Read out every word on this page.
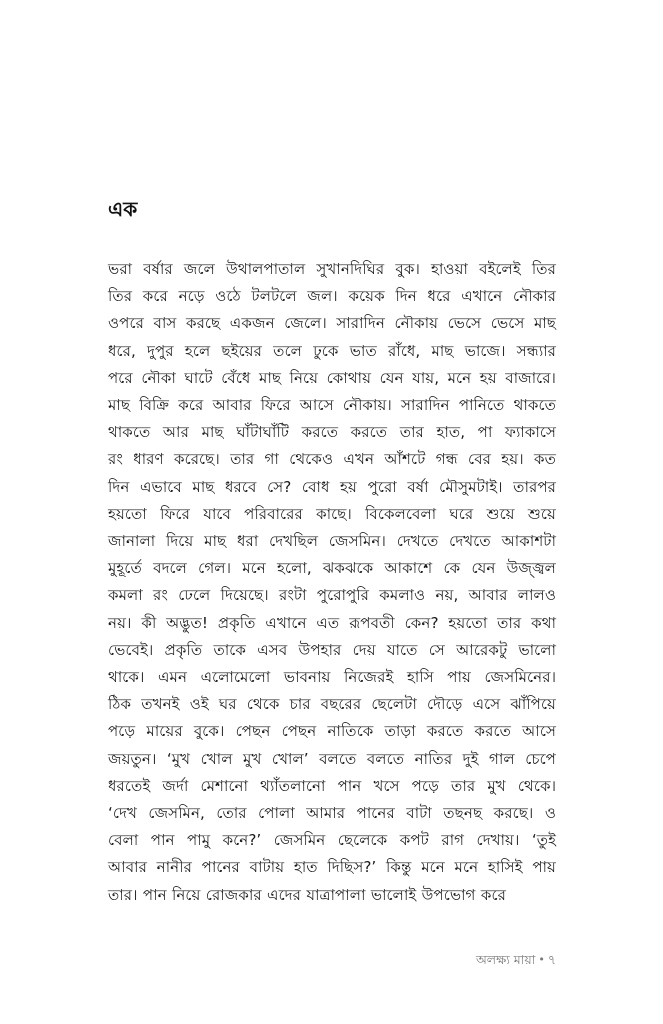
এক
ভরা বর্ষার জলে উথালপাতাল সুখানদিঘির বুক। হাওয়া বইলেই তির
তির করে নড়ে ওঠে টলটলে জল। কয়েক দিন ধরে এখানে নৌকার
ওপরে বাস করছে একজন জেলে। সারাদিন নৌকায় ভেসে ভেসে মাছ
ধরে, দুপুর হলে ছইয়ের তলে ঢুকে ভাত রাঁধে, মাছ ভাজে। সন্ধ্যার
পরে নৌকা ঘাটে বেঁধে মাছ নিয়ে কোথায় যেন যায়, মনে হয় বাজারে।
মাছ বিক্রি করে আবার ফিরে আসে নৌকায়। সারাদিন পানিতে থাকতে
থাকতে আর মাছ ঘাঁটাঘাঁটি করতে করতে তার হাত, পা ফ্যাকাসে
রং ধারণ করেছে। তার গা থেকেও এখন আঁশটে গন্ধ বের হয়। কত
দিন এভাবে মাছ ধরবে সে? বোধ হয় পুরো বর্ষা মৌসুমটাই। তারপর
হয়তো ফিরে যাবে পরিবারের কাছে। বিকেলবেলা ঘরে শুয়ে শুয়ে
জানালা দিয়ে মাছ ধরা দেখছিল জেসমিন। দেখতে দেখতে আকাশটা
মুহূর্তে বদলে গেল। মনে হলো, ঝকঝকে আকাশে কে যেন উজ্জ্বল
কমলা রং ঢেলে দিয়েছে। রংটা পুরোপুরি কমলাও নয়, আবার লালও
নয়। কী অদ্ভুত! প্রকৃতি এখানে এত রূপবতী কেন? হয়তো তার কথা
ভেবেই। প্রকৃতি তাকে এসব উপহার দেয় যাতে সে আরেকটু ভালো
থাকে। এমন এলোমেলো ভাবনায় নিজেরই হাসি পায় জেসমিনের।
ঠিক তখনই ওই ঘর থেকে চার বছরের ছেলেটা দৌড়ে এসে ঝাঁপিয়ে
পড়ে মায়ের বুকে। পেছন পেছন নাতিকে তাড়া করতে করতে আসে
জয়তুন। ‘মুখ খোল মুখ খোল’ বলতে বলতে নাতির দুই গাল চেপে
ধরতেই জর্দা মেশানো থ্যাঁতলানো পান খসে পড়ে তার মুখ থেকে।
‘দেখ জেসমিন, তোর পোলা আমার পানের বাটা তছনছ করছে। ও
বেলা পান পামু কনে?’ জেসমিন ছেলেকে কপট রাগ দেখায়। ‘তুই
আবার নানীর পানের বাটায় হাত দিছিস?’ কিন্তু মনে মনে হাসিই পায়
তার। পান নিয়ে রোজকার এদের যাত্রাপালা ভালোই উপভোগ করে
অলক্ষ্য মায়া • ৭
